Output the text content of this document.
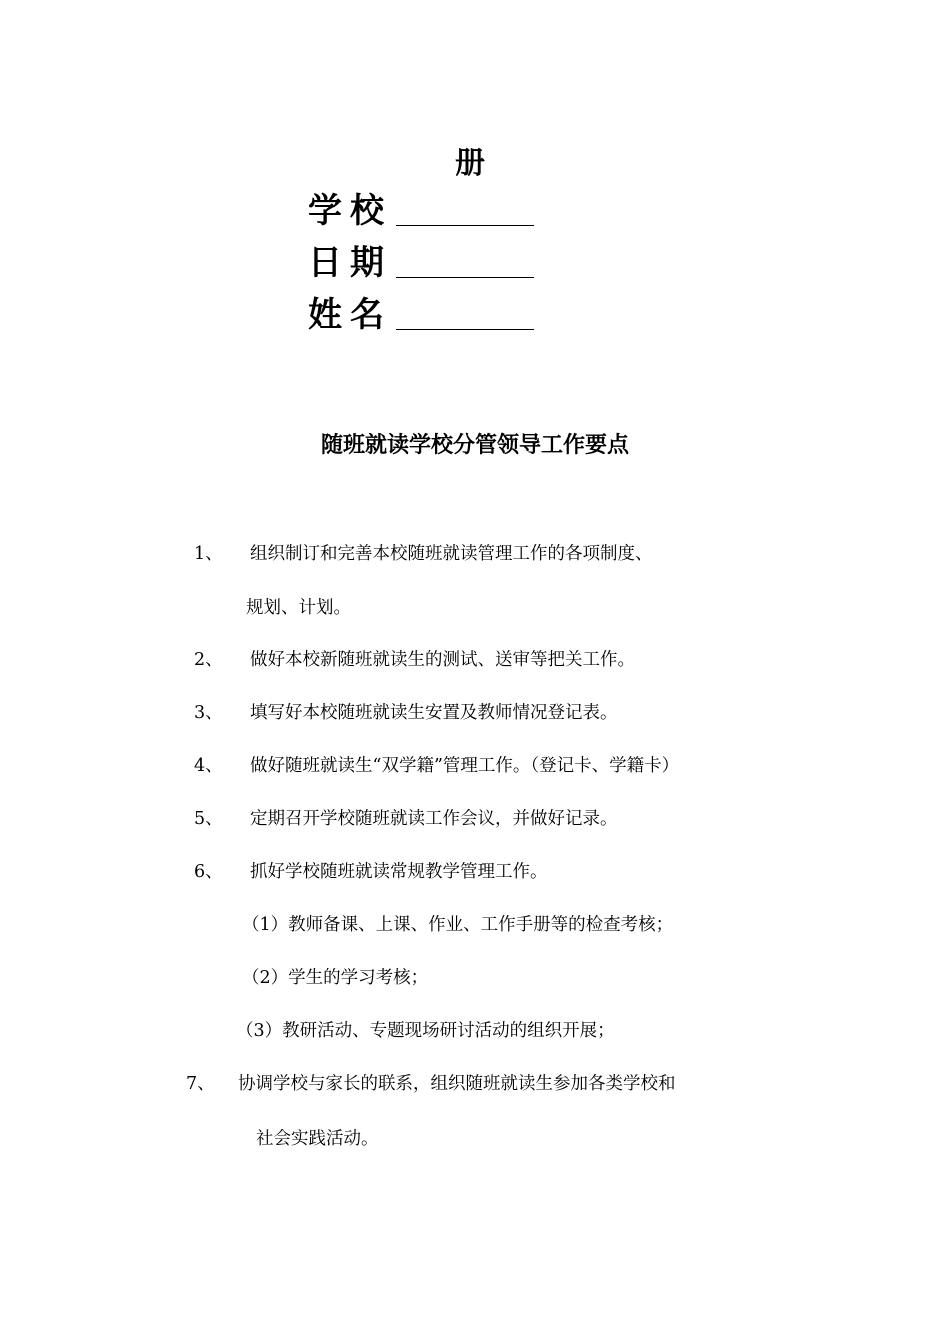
册
学校
日期
姓名
随班就读学校分管领导工作要点
1、 组织制订和完善本校随班就读管理工作的各项制度、
规划、计划。
2、 做好本校新随班就读生的测试、送审等把关工作。
3、 填写好本校随班就读生安置及教师情况登记表。
4、 做好随班就读生“双学籍”管理工作。（登记卡、学籍卡）
5、 定期召开学校随班就读工作会议，并做好记录。
6、 抓好学校随班就读常规教学管理工作。
（1）教师备课、上课、作业、工作手册等的检查考核；
（2）学生的学习考核；
（3）教研活动、专题现场研讨活动的组织开展；
7、 协调学校与家长的联系，组织随班就读生参加各类学校和
社会实践活动。
